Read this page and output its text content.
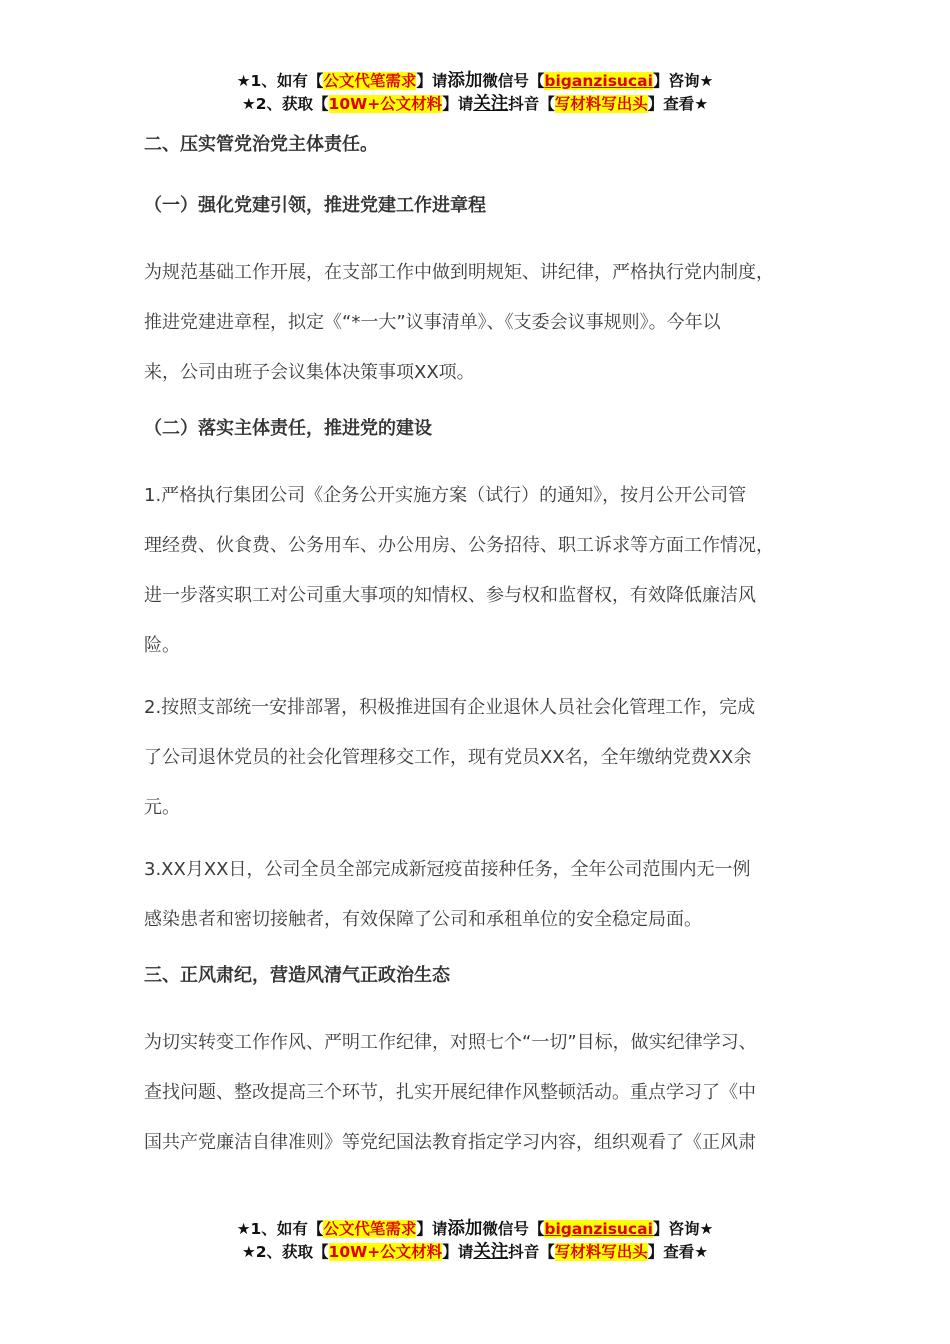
★1、如有【公文代笔需求】请添加微信号【biganzisucai】咨询★
★2、获取【10W+公文材料】请关注抖音【写材料写出头】查看★

二、压实管党治党主体责任。

（一）强化党建引领，推进党建工作进章程

为规范基础工作开展，在支部工作中做到明规矩、讲纪律，严格执行党内制度，
推进党建进章程，拟定《“*一大”议事清单》、《支委会议事规则》。今年以
来，公司由班子会议集体决策事项XX项。

（二）落实主体责任，推进党的建设

1.严格执行集团公司《企务公开实施方案（试行）的通知》，按月公开公司管
理经费、伙食费、公务用车、办公用房、公务招待、职工诉求等方面工作情况，
进一步落实职工对公司重大事项的知情权、参与权和监督权，有效降低廉洁风
险。
2.按照支部统一安排部署，积极推进国有企业退休人员社会化管理工作，完成
了公司退休党员的社会化管理移交工作，现有党员XX名，全年缴纳党费XX余
元。
3.XX月XX日，公司全员全部完成新冠疫苗接种任务，全年公司范围内无一例
感染患者和密切接触者，有效保障了公司和承租单位的安全稳定局面。

三、正风肃纪，营造风清气正政治生态

为切实转变工作作风、严明工作纪律，对照七个“一切”目标，做实纪律学习、
查找问题、整改提高三个环节，扎实开展纪律作风整顿活动。重点学习了《中
国共产党廉洁自律准则》等党纪国法教育指定学习内容，组织观看了《正风肃
★1、如有【公文代笔需求】请添加微信号【biganzisucai】咨询★
★2、获取【10W+公文材料】请关注抖音【写材料写出头】查看★
